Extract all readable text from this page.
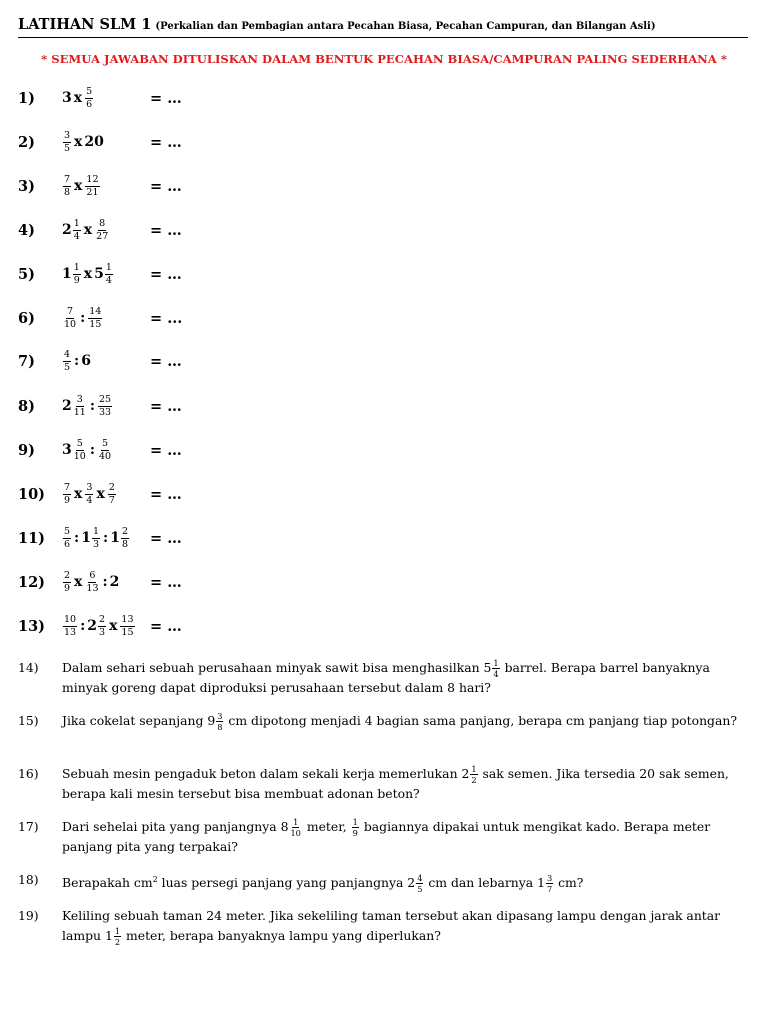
LATIHAN SLM 1 (Perkalian dan Pembagian antara Pecahan Biasa, Pecahan Campuran, dan Bilangan Asli)
* SEMUA JAWABAN DITULISKAN DALAM BENTUK PECAHAN BIASA/CAMPURAN PALING SEDERHANA *
1)	3 x $\frac{5}{6}$	= …
2)	$\frac{3}{5}$ x 20	= …
3)	$\frac{7}{8}$ x $\frac{12}{21}$	= …
4)	$2 \frac{1}{4}$ x $\frac{8}{27}$	= …
5)	$1 \frac{1}{9}$ x $5 \frac{1}{4}$	= …
6)	$\frac{7}{10}$ : $\frac{14}{15}$	= ...
7)	$\frac{4}{5}$ : 6	= …
8)	$2 \frac{3}{11}$ : $\frac{25}{33}$	= …
9)	$3 \frac{5}{10}$ : $\frac{5}{40}$	= …
10)	$\frac{7}{9}$ x $\frac{3}{4}$ x $\frac{2}{7}$ = …
11)	$\frac{5}{6}$ : $1 \frac{1}{3}$ : $1 \frac{2}{8}$ = …
12)	$\frac{2}{9}$ x $\frac{6}{13}$ : 2 = …
13)	$\frac{10}{13}$ : $2 \frac{2}{3}$ x $\frac{13}{15}$ = …
14)	Dalam sehari sebuah perusahaan minyak sawit bisa menghasilkan $5 \frac{1}{4}$ barrel. Berapa barrel banyaknya minyak goreng dapat diproduksi perusahaan tersebut dalam 8 hari?
15)	Jika cokelat sepanjang $9 \frac{3}{8}$ cm dipotong menjadi 4 bagian sama panjang, berapa cm panjang tiap potongan?
16)	Sebuah mesin pengaduk beton dalam sekali kerja memerlukan $2 \frac{1}{2}$ sak semen. Jika tersedia 20 sak semen, berapa kali mesin tersebut bisa membuat adonan beton?
17)	Dari sehelai pita yang panjangnya $8 \frac{1}{10}$ meter, $\frac{1}{9}$ bagiannya dipakai untuk mengikat kado. Berapa meter panjang pita yang terpakai?
18)	Berapakah $cm^2$ luas persegi panjang yang panjangnya $2 \frac{4}{5}$ cm dan lebarnya $1 \frac{3}{7}$ cm?
19)	Keliling sebuah taman 24 meter. Jika sekeliling taman tersebut akan dipasang lampu dengan jarak antar lampu $1 \frac{1}{2}$ meter, berapa banyaknya lampu yang diperlukan?
